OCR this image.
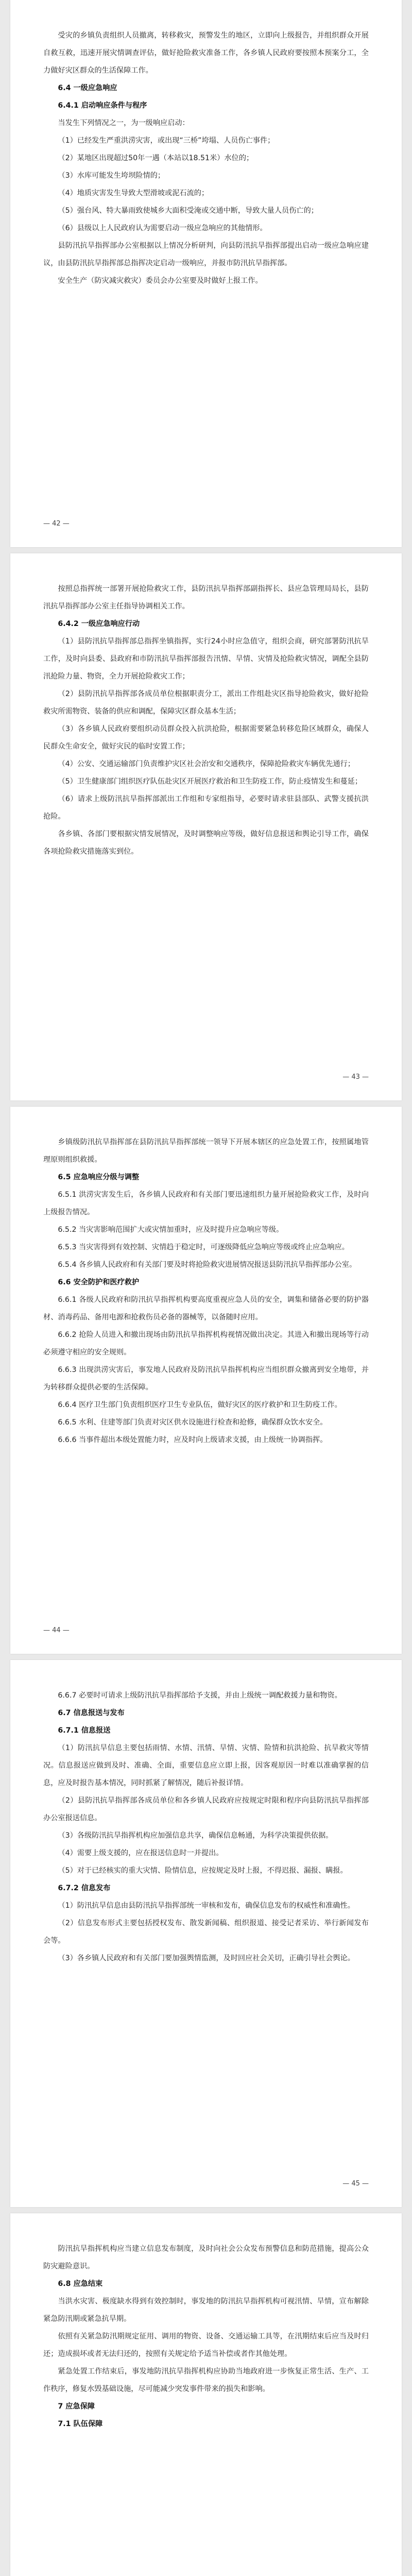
受灾的乡镇负责组织人员撤离，转移救灾，预警发生的地区，立即向上级报告，并组织群众开展自救互救，迅速开展灾情调查评估，做好抢险救灾准备工作，各乡镇人民政府要按照本预案分工，全力做好灾区群众的生活保障工作。

6.4 一级应急响应

6.4.1 启动响应条件与程序

当发生下列情况之一，为一级响应启动：

（1）已经发生严重洪涝灾害，或出现“三桥”垮塌、人员伤亡事件；

（2）某地区出现超过50年一遇（本站以18.51米）水位的；

（3）水库可能发生垮坝险情的；

（4）地质灾害发生导致大型滑坡或泥石流的；

（5）强台风、特大暴雨致使城乡大面积受淹或交通中断，导致大量人员伤亡的；

（6）县级以上人民政府认为需要启动一级应急响应的其他情形。

县防汛抗旱指挥部办公室根据以上情况分析研判，向县防汛抗旱指挥部提出启动一级应急响应建议，由县防汛抗旱指挥部总指挥决定启动一级响应，并报市防汛抗旱指挥部。

安全生产（防灾减灾救灾）委员会办公室要及时做好上报工作。

— 42 —

按照总指挥统一部署开展抢险救灾工作，县防汛抗旱指挥部副指挥长、县应急管理局局长，县防汛抗旱指挥部办公室主任指导协调相关工作。

6.4.2 一级应急响应行动

（1）县防汛抗旱指挥部总指挥坐镇指挥，实行24小时应急值守，组织会商，研究部署防汛抗旱工作，及时向县委、县政府和市防汛抗旱指挥部报告汛情、旱情、灾情及抢险救灾情况，调配全县防汛抢险力量、物资，全力开展抢险救灾工作；

（2）县防汛抗旱指挥部各成员单位根据职责分工，派出工作组赴灾区指导抢险救灾，做好抢险救灾所需物资、装备的供应和调配，保障灾区群众基本生活；

（3）各乡镇人民政府要组织动员群众投入抗洪抢险，根据需要紧急转移危险区域群众，确保人民群众生命安全，做好灾民的临时安置工作；

（4）公安、交通运输部门负责维护灾区社会治安和交通秩序，保障抢险救灾车辆优先通行；

（5）卫生健康部门组织医疗队伍赴灾区开展医疗救治和卫生防疫工作，防止疫情发生和蔓延；

（6）请求上级防汛抗旱指挥部派出工作组和专家组指导，必要时请求驻县部队、武警支援抗洪抢险。

各乡镇、各部门要根据灾情发展情况，及时调整响应等级，做好信息报送和舆论引导工作，确保各项抢险救灾措施落实到位。

— 43 —

乡镇级防汛抗旱指挥部在县防汛抗旱指挥部统一领导下开展本辖区的应急处置工作，按照属地管理原则组织救援。

6.5 应急响应分级与调整

6.5.1 洪涝灾害发生后，各乡镇人民政府和有关部门要迅速组织力量开展抢险救灾工作，及时向上级报告情况。

6.5.2 当灾害影响范围扩大或灾情加重时，应及时提升应急响应等级。

6.5.3 当灾害得到有效控制、灾情趋于稳定时，可逐级降低应急响应等级或终止应急响应。

6.5.4 各乡镇人民政府和有关部门要及时将抢险救灾进展情况报送县防汛抗旱指挥部办公室。

6.6 安全防护和医疗救护

6.6.1 各级人民政府和防汛抗旱指挥机构要高度重视应急人员的安全，调集和储备必要的防护器材、消毒药品、备用电源和抢救伤员必备的器械等，以备随时应用。

6.6.2 抢险人员进入和撤出现场由防汛抗旱指挥机构视情况做出决定。其进入和撤出现场等行动必须遵守相应的安全规则。

6.6.3 出现洪涝灾害后，事发地人民政府及防汛抗旱指挥机构应当组织群众撤离到安全地带，并为转移群众提供必要的生活保障。

6.6.4 医疗卫生部门负责组织医疗卫生专业队伍，做好灾区的医疗救护和卫生防疫工作。

6.6.5 水利、住建等部门负责对灾区供水设施进行检查和抢修，确保群众饮水安全。

6.6.6 当事件超出本级处置能力时，应及时向上级请求支援，由上级统一协调指挥。

— 44 —

6.6.7 必要时可请求上级防汛抗旱指挥部给予支援，并由上级统一调配救援力量和物资。

6.7 信息报送与发布

6.7.1 信息报送

（1）防汛抗旱信息主要包括雨情、水情、汛情、旱情、灾情、险情和抗洪抢险、抗旱救灾等情况。信息报送应做到及时、准确、全面，重要信息应立即上报，因客观原因一时难以准确掌握的信息，应及时报告基本情况，同时抓紧了解情况，随后补报详情。

（2）县防汛抗旱指挥部各成员单位和各乡镇人民政府应按规定时限和程序向县防汛抗旱指挥部办公室报送信息。

（3）各级防汛抗旱指挥机构应加强信息共享，确保信息畅通，为科学决策提供依据。

（4）需要上级支援的，应在报送信息时一并提出。

（5）对于已经核实的重大灾情、险情信息，应按规定及时上报，不得迟报、漏报、瞒报。

6.7.2 信息发布

（1）防汛抗旱信息由县防汛抗旱指挥部统一审核和发布，确保信息发布的权威性和准确性。

（2）信息发布形式主要包括授权发布、散发新闻稿、组织报道、接受记者采访、举行新闻发布会等。

（3）各乡镇人民政府和有关部门要加强舆情监测，及时回应社会关切，正确引导社会舆论。

— 45 —

防汛抗旱指挥机构应当建立信息发布制度，及时向社会公众发布预警信息和防范措施，提高公众防灾避险意识。

6.8 应急结束

当洪水灾害、极度缺水得到有效控制时，事发地的防汛抗旱指挥机构可视汛情、旱情，宣布解除紧急防汛期或紧急抗旱期。

依照有关紧急防汛期规定征用、调用的物资、设备、交通运输工具等，在汛期结束后应当及时归还；造成损坏或者无法归还的，按照有关规定给予适当补偿或者作其他处理。

紧急处置工作结束后，事发地防汛抗旱指挥机构应协助当地政府进一步恢复正常生活、生产、工作秩序，修复水毁基础设施，尽可能减少突发事件带来的损失和影响。

7 应急保障

7.1 队伍保障
